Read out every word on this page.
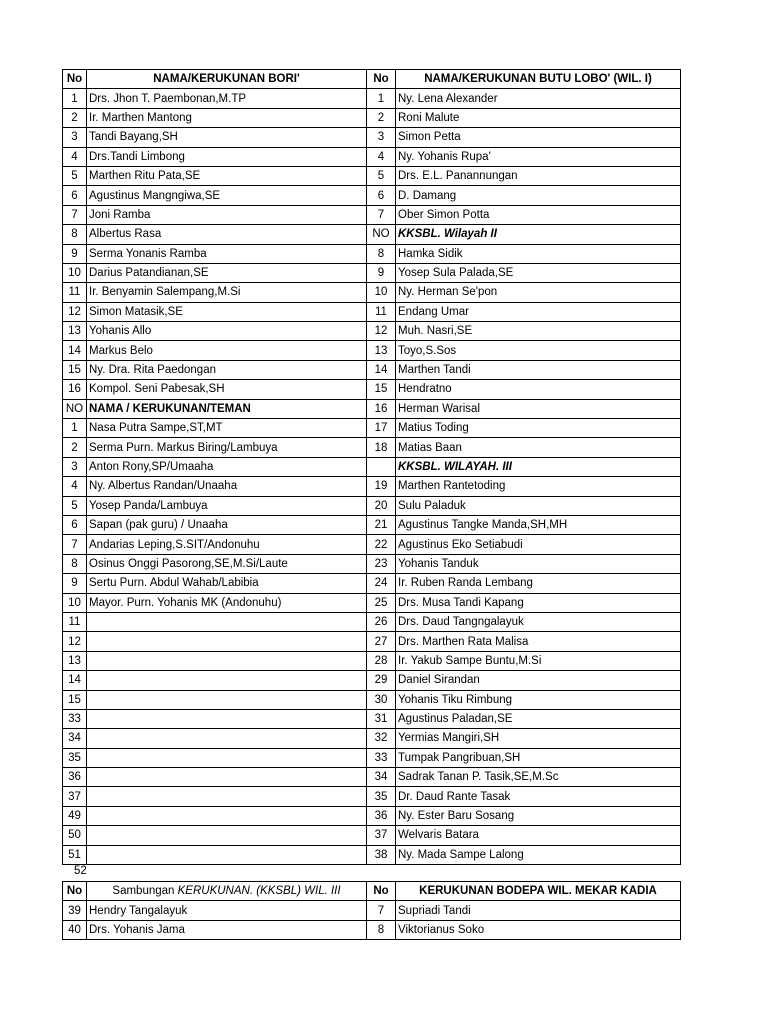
No	NAMA/KERUKUNAN BORI'	No	NAMA/KERUKUNAN BUTU LOBO' (WIL. I)
1	Drs. Jhon T. Paembonan,M.TP	1	Ny. Lena Alexander
2	Ir. Marthen Mantong	2	Roni Malute
3	Tandi Bayang,SH	3	Simon Petta
4	Drs.Tandi Limbong	4	Ny. Yohanis Rupa'
5	Marthen Ritu Pata,SE	5	Drs. E.L. Panannungan
6	Agustinus Mangngiwa,SE	6	D. Damang
7	Joni Ramba	7	Ober Simon Potta
8	Albertus Rasa	NO	KKSBL. Wilayah II
9	Serma Yonanis Ramba	8	Hamka Sidik
10	Darius Patandianan,SE	9	Yosep Sula Palada,SE
11	Ir. Benyamin Salempang,M.Si	10	Ny. Herman Se'pon
12	Simon Matasik,SE	11	Endang Umar
13	Yohanis Allo	12	Muh. Nasri,SE
14	Markus Belo	13	Toyo,S.Sos
15	Ny. Dra. Rita Paedongan	14	Marthen Tandi
16	Kompol. Seni Pabesak,SH	15	Hendratno
NO	NAMA / KERUKUNAN/TEMAN	16	Herman Warisal
1	Nasa Putra Sampe,ST,MT	17	Matius Toding
2	Serma Purn. Markus Biring/Lambuya	18	Matias Baan
3	Anton Rony,SP/Umaaha		KKSBL. WILAYAH. III
4	Ny. Albertus Randan/Unaaha	19	Marthen Rantetoding
5	Yosep Panda/Lambuya	20	Sulu Paladuk
6	Sapan (pak guru) / Unaaha	21	Agustinus Tangke Manda,SH,MH
7	Andarias Leping,S.SIT/Andonuhu	22	Agustinus Eko Setiabudi
8	Osinus Onggi Pasorong,SE,M.Si/Laute	23	Yohanis Tanduk
9	Sertu Purn. Abdul Wahab/Labibia	24	Ir. Ruben Randa Lembang
10	Mayor. Purn. Yohanis MK (Andonuhu)	25	Drs. Musa Tandi Kapang
11		26	Drs. Daud Tangngalayuk
12		27	Drs. Marthen Rata Malisa
13		28	Ir. Yakub Sampe Buntu,M.Si
14		29	Daniel Sirandan
15		30	Yohanis Tiku Rimbung
33		31	Agustinus Paladan,SE
34		32	Yermias Mangiri,SH
35		33	Tumpak Pangribuan,SH
36		34	Sadrak Tanan P. Tasik,SE,M.Sc
37		35	Dr. Daud Rante Tasak
49		36	Ny. Ester Baru Sosang
50		37	Welvaris Batara
51		38	Ny. Mada Sampe Lalong
52
No	Sambungan KERUKUNAN. (KKSBL) WIL. III	No	KERUKUNAN BODEPA WIL. MEKAR KADIA
39	Hendry Tangalayuk	7	Supriadi Tandi
40	Drs. Yohanis Jama	8	Viktorianus Soko
